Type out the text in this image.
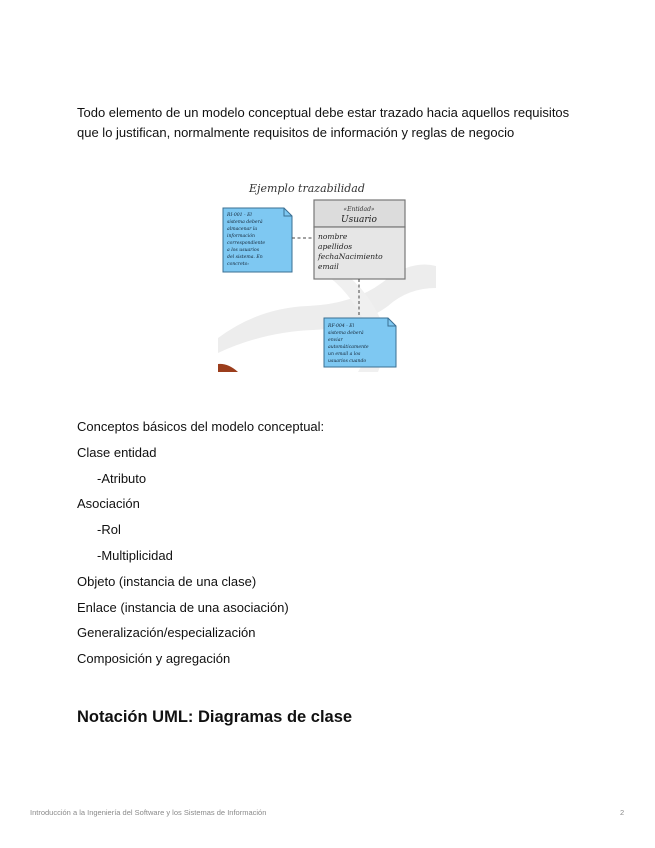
Todo elemento de un modelo conceptual debe estar trazado hacia aquellos requisitos que lo justifican, normalmente requisitos de información y reglas de negocio

Ejemplo trazabilidad
«Entidad»
Usuario
nombre
apellidos
fechaNacimiento
email
RI-001 - El
sistema deberá
almacenar la
información
correspondiente
a los usuarios
del sistema. En
concreto:
RF-004 - El
sistema deberá
enviar
automáticamente
un email a los
usuarios cuando
Conceptos básicos del modelo conceptual:
Clase entidad
-Atributo
Asociación
-Rol
-Multiplicidad
Objeto (instancia de una clase)
Enlace (instancia de una asociación)
Generalización/especialización
Composición y agregación
Notación UML: Diagramas de clase
Introducción a la Ingeniería del Software y los Sistemas de Información	2
